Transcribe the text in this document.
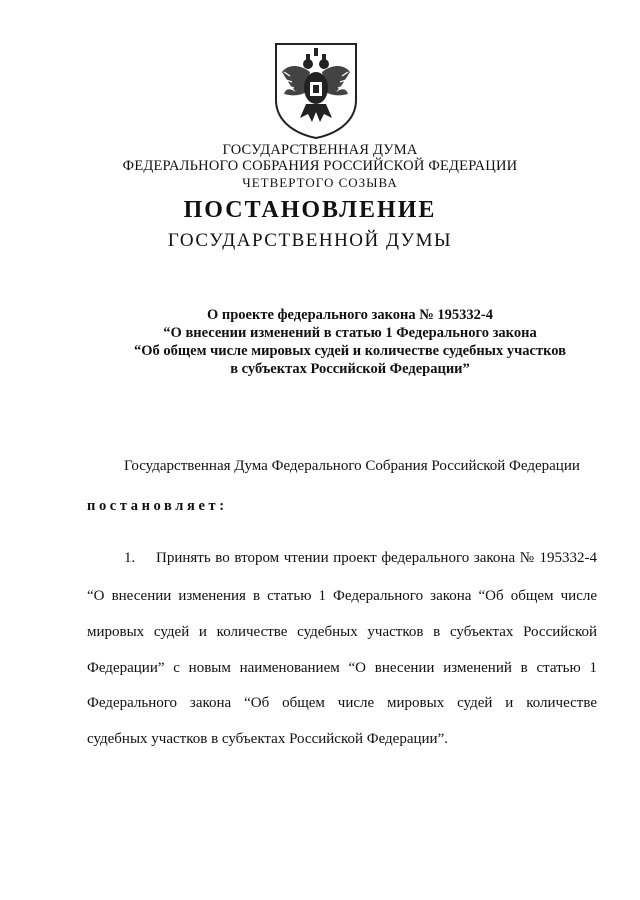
ГОСУДАРСТВЕННАЯ ДУМА
ФЕДЕРАЛЬНОГО СОБРАНИЯ РОССИЙСКОЙ ФЕДЕРАЦИИ
ЧЕТВЕРТОГО СОЗЫВА
ПОСТАНОВЛЕНИЕ
ГОСУДАРСТВЕННОЙ ДУМЫ
О проекте федерального закона № 195332-4
“О внесении изменений в статью 1 Федерального закона
“Об общем числе мировых судей и количестве судебных участков
в субъектах Российской Федерации”
Государственная Дума Федерального Собрания Российской Федерации
постановляет:
1. Принять во втором чтении проект федерального закона № 195332-4
“О внесении изменения в статью 1 Федерального закона “Об общем числе
мировых судей и количестве судебных участков в субъектах Российской
Федерации” с новым наименованием “О внесении изменений в статью 1
Федерального закона “Об общем числе мировых судей и количестве
судебных участков в субъектах Российской Федерации”.
